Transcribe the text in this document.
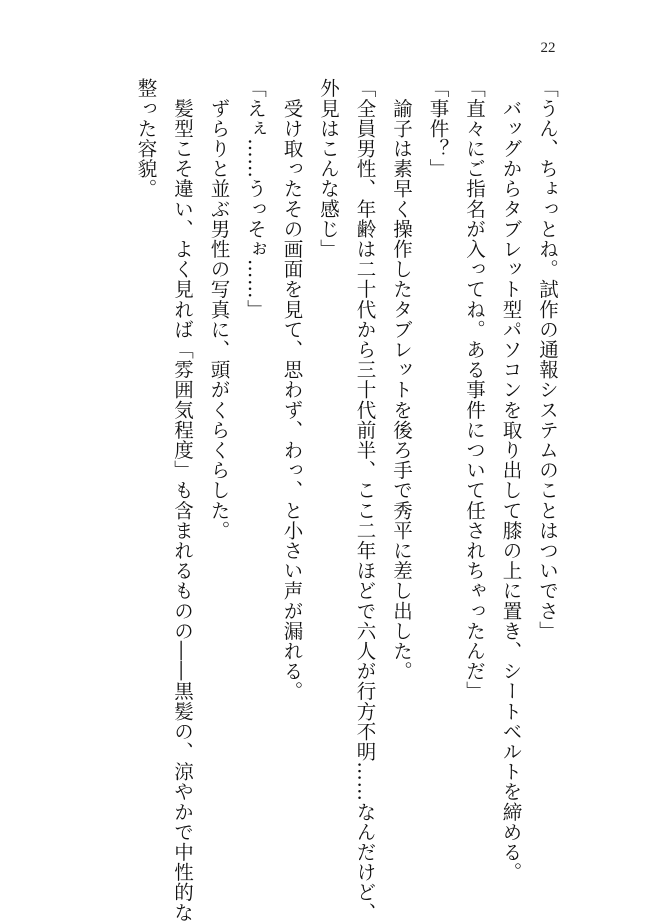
22

「うん、ちょっとね。試作の通報システムのことはついでさ」

　バッグからタブレット型パソコンを取り出して膝の上に置き、シートベルトを締める。

「直々にご指名が入ってね。ある事件について任されちゃったんだ」

「事件？」

　諭子は素早く操作したタブレットを後ろ手で秀平に差し出した。

「全員男性、年齢は二十代から三十代前半、ここ二年ほどで六人が行方不明……なんだけど、

外見はこんな感じ」

　受け取ったその画面を見て、思わず、わっ、と小さい声が漏れる。

「えぇ……うっそぉ……」

　ずらりと並ぶ男性の写真に、頭がくらくらした。

　髪型こそ違い、よく見れば「雰囲気程度」も含まれるものの――黒髪の、涼やかで中性的な

整った容貌。
